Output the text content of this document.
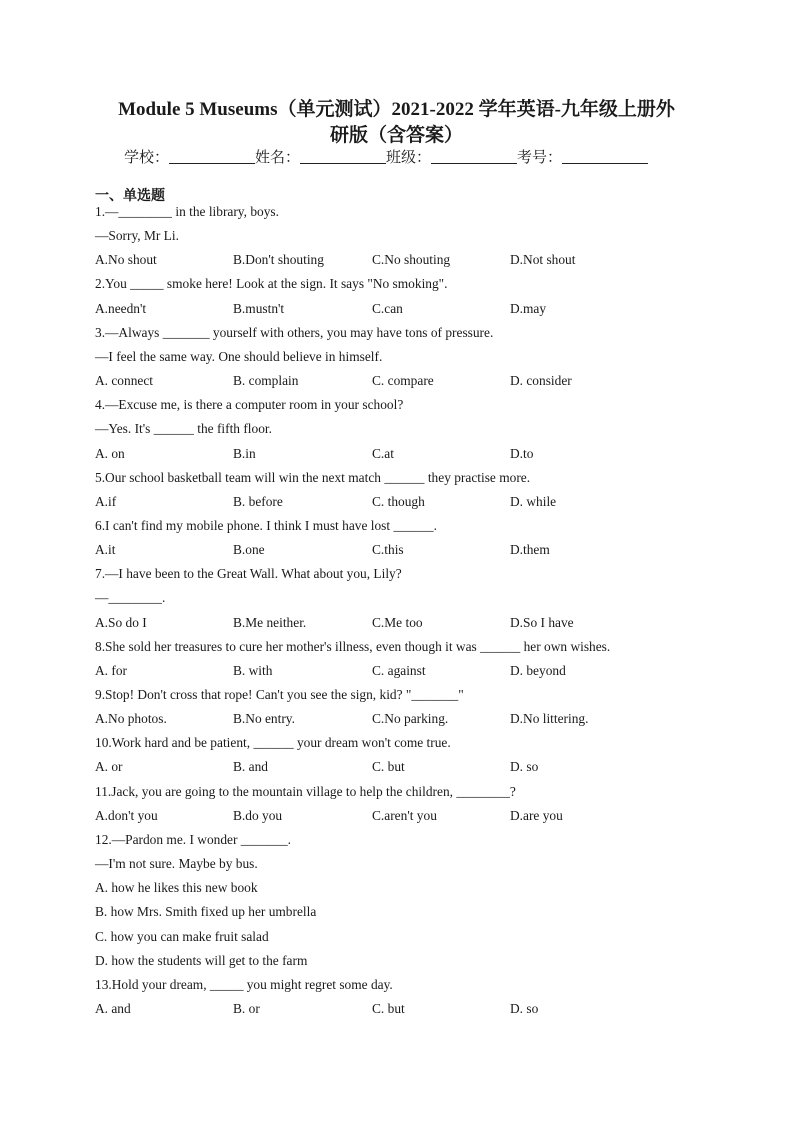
Module 5 Museums（单元测试）2021-2022 学年英语-九年级上册外
研版（含答案）
学校：	姓名：	班级：	考号：
一、单选题
1.—________ in the library, boys.
—Sorry, Mr Li.
A.No shout	B.Don't shouting	C.No shouting	D.Not shout
2.You _____ smoke here! Look at the sign. It says "No smoking".
A.needn't	B.mustn't	C.can	D.may
3.—Always _______ yourself with others, you may have tons of pressure.
—I feel the same way. One should believe in himself.
A. connect	B. complain	C. compare	D. consider
4.—Excuse me, is there a computer room in your school?
—Yes. It's ______ the fifth floor.
A. on	B.in	C.at	D.to
5.Our school basketball team will win the next match ______ they practise more.
A.if	B. before	C. though	D. while
6.I can't find my mobile phone. I think I must have lost ______.
A.it	B.one	C.this	D.them
7.—I have been to the Great Wall. What about you, Lily?
—________.
A.So do I	B.Me neither.	C.Me too	D.So I have
8.She sold her treasures to cure her mother's illness, even though it was ______ her own wishes.
A. for	B. with	C. against	D. beyond
9.Stop! Don't cross that rope! Can't you see the sign, kid? "_______"
A.No photos.	B.No entry.	C.No parking.	D.No littering.
10.Work hard and be patient, ______ your dream won't come true.
A. or	B. and	C. but	D. so
11.Jack, you are going to the mountain village to help the children, ________?
A.don't you	B.do you	C.aren't you	D.are you
12.—Pardon me. I wonder _______.
—I'm not sure. Maybe by bus.
A. how he likes this new book
B. how Mrs. Smith fixed up her umbrella
C. how you can make fruit salad
D. how the students will get to the farm
13.Hold your dream, _____ you might regret some day.
A. and	B. or	C. but	D. so
